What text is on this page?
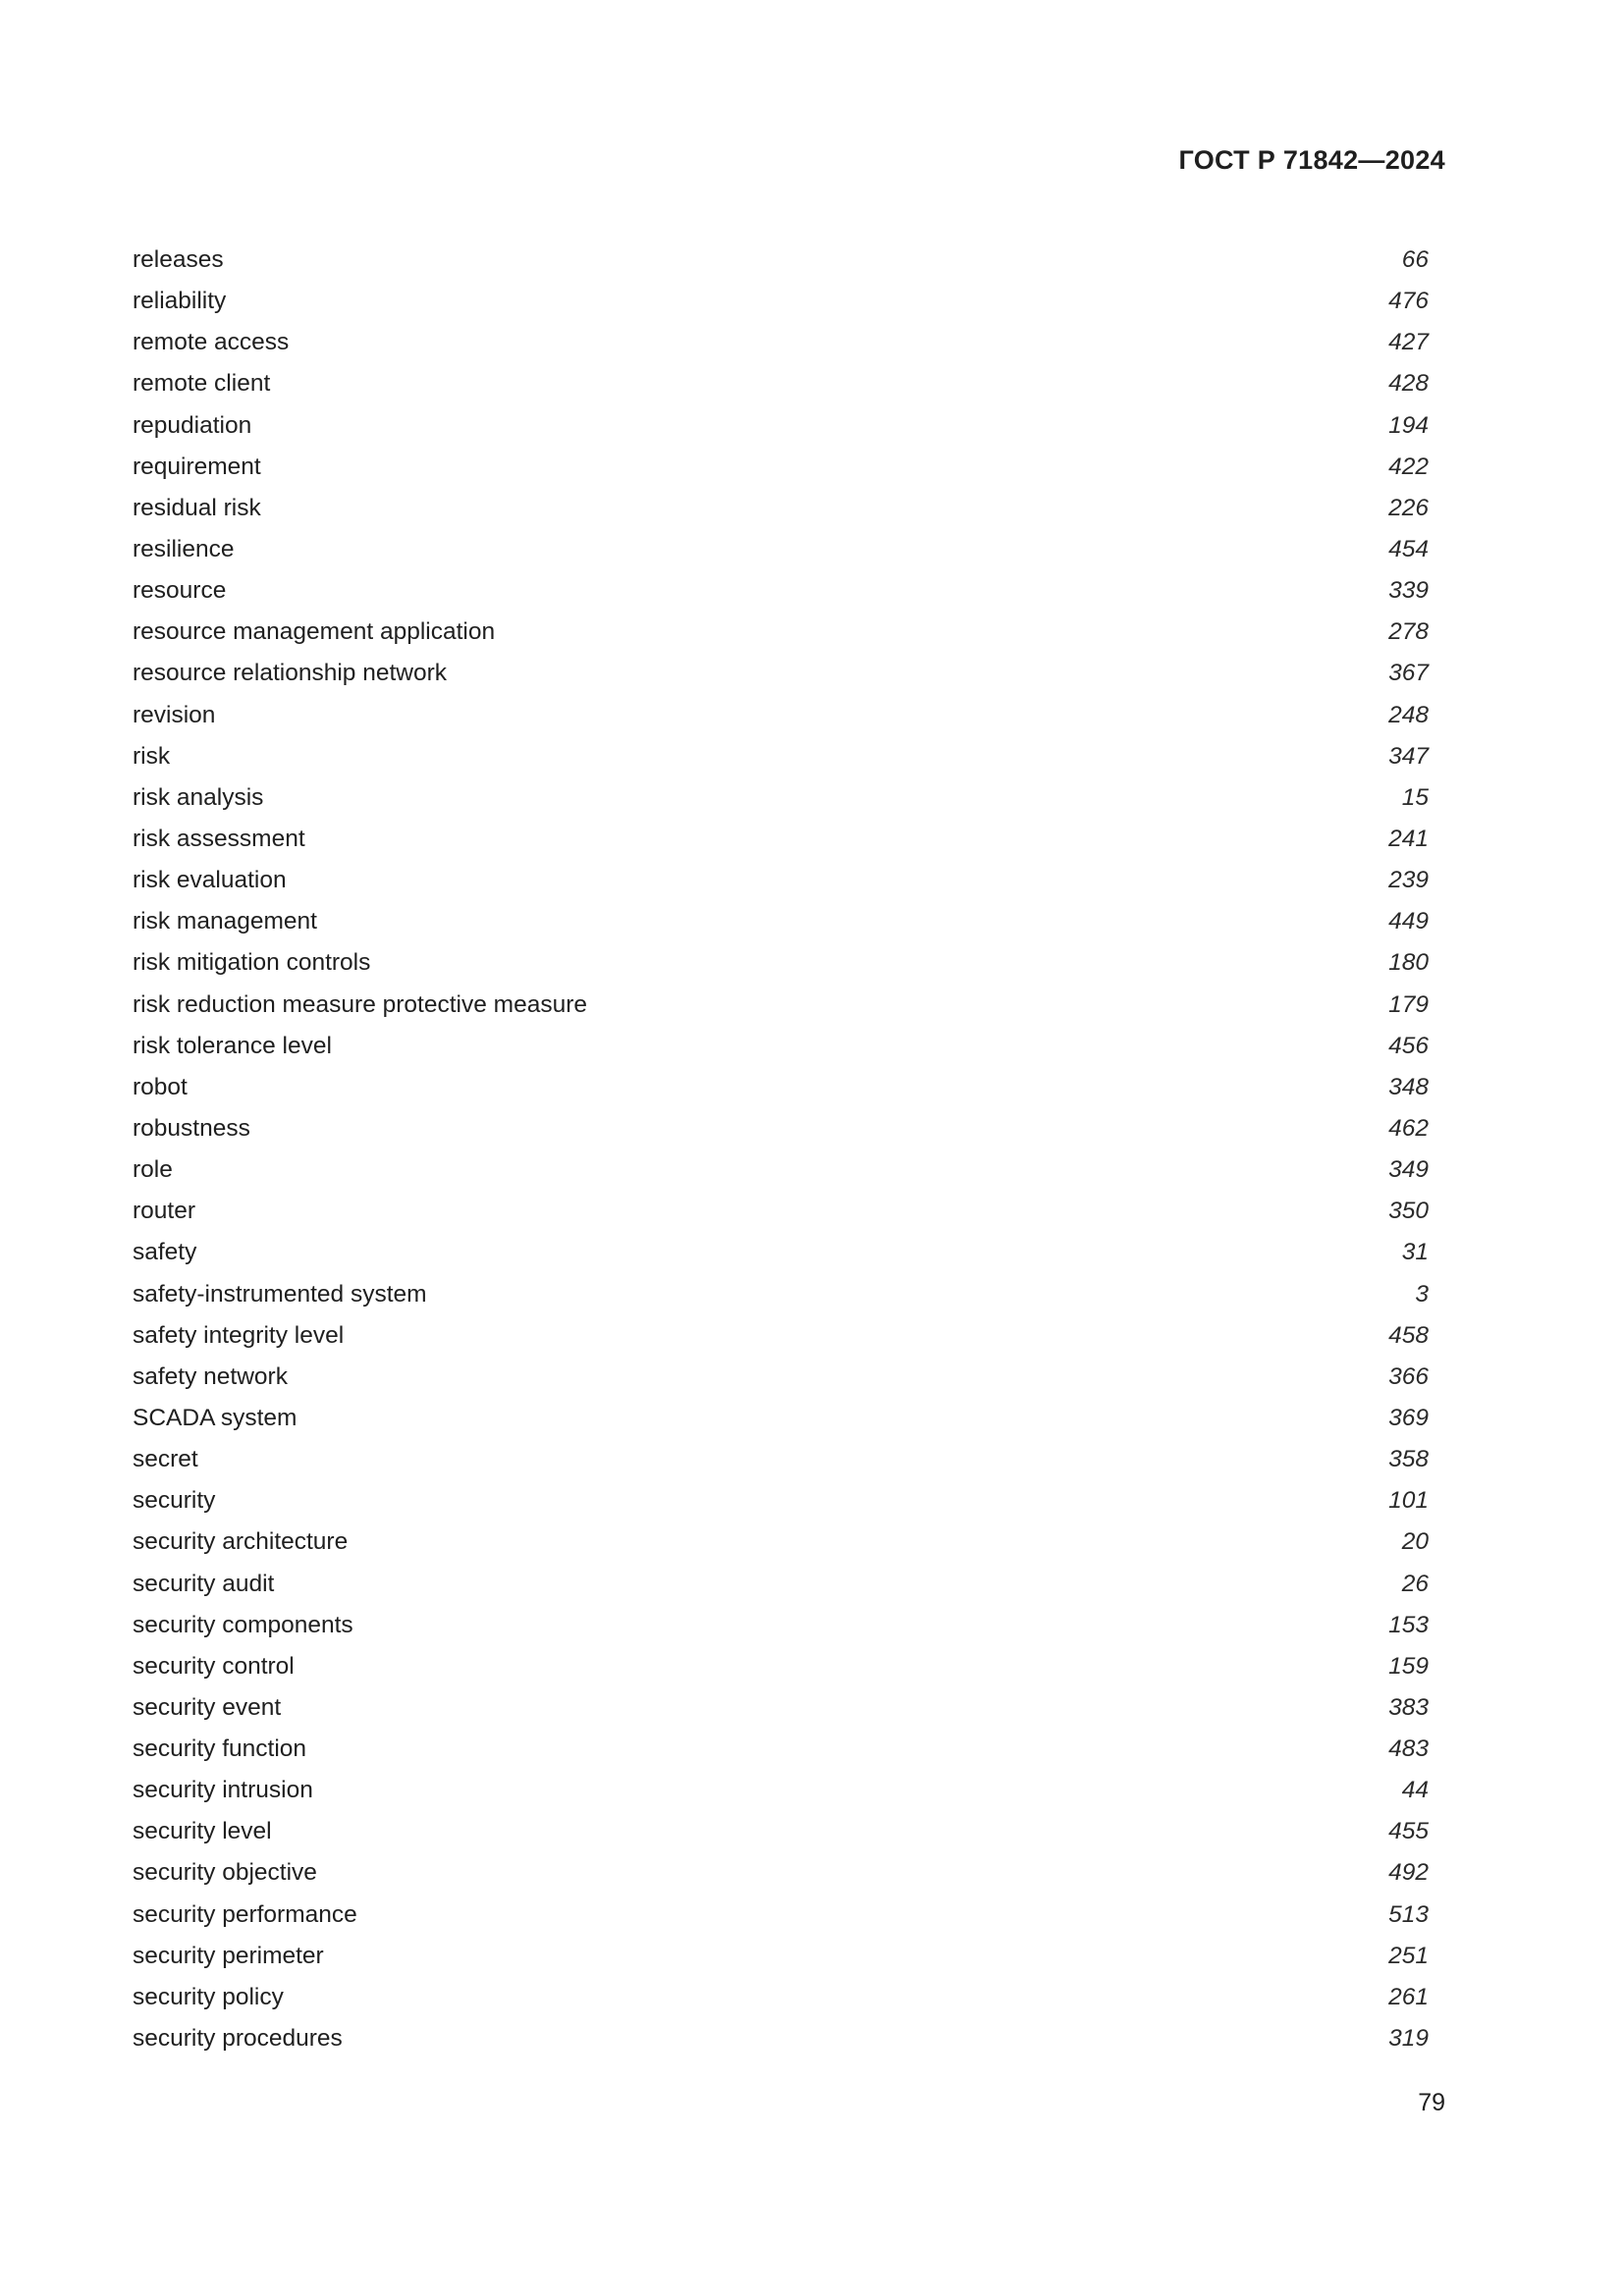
ГОСТ Р 71842—2024
releases	66
reliability	476
remote access	427
remote client	428
repudiation	194
requirement	422
residual risk	226
resilience	454
resource	339
resource management application	278
resource relationship network	367
revision	248
risk	347
risk analysis	15
risk assessment	241
risk evaluation	239
risk management	449
risk mitigation controls	180
risk reduction measure protective measure	179
risk tolerance level	456
robot	348
robustness	462
role	349
router	350
safety	31
safety-instrumented system	3
safety integrity level	458
safety network	366
SCADA system	369
secret	358
security	101
security architecture	20
security audit	26
security components	153
security control	159
security event	383
security function	483
security intrusion	44
security level	455
security objective	492
security performance	513
security perimeter	251
security policy	261
security procedures	319
79
